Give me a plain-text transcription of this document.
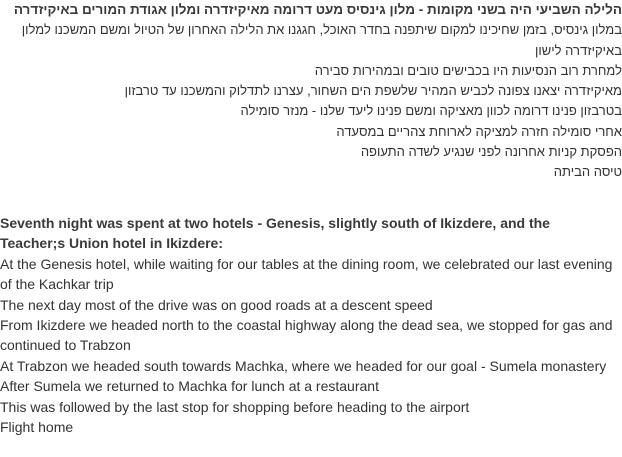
הלילה השביעי היה בשני מקומות - מלון גינסיס מעט דרומה מאיקיזדרה ומלון אגודת המורים באיקיזדרה

במלון גינסיס, בזמן שחיכינו למקום שיתפנה בחדר האוכל, חגגנו את הלילה האחרון של הטיול ומשם המשכנו למלון באיקיזדרה לישון

למחרת רוב הנסיעות היו בכבישים טובים ובמהירות סבירה

מאיקיזדרה יצאנו צפונה לכביש המהיר שלשפת הים השחור, עצרנו לתדלוק והמשכנו עד טרבזון

בטרבזון פנינו דרומה לכוון מאציקה ומשם פנינו ליעד שלנו - מנזר סומילה

אחרי סומילה חזרה למציקה לארוחת צהריים במסעדה

הפסקת קניות אחרונה לפני שנגיע לשדה התעופה

טיסה הביתה

Seventh night was spent at two hotels - Genesis, slightly south of Ikizdere, and the Teacher;s Union hotel in Ikizdere:

At the Genesis hotel, while waiting for our tables at the dining room, we celebrated our last evening of the Kachkar trip

The next day most of the drive was on good roads at a descent speed

From Ikizdere we headed north to the coastal highway along the dead sea, we stopped for gas and continued to Trabzon

At Trabzon we headed south towards Machka, where we headed for our goal - Sumela monastery

After Sumela we returned to Machka for lunch at a restaurant

This was followed by the last stop for shopping before heading to the airport

Flight home
